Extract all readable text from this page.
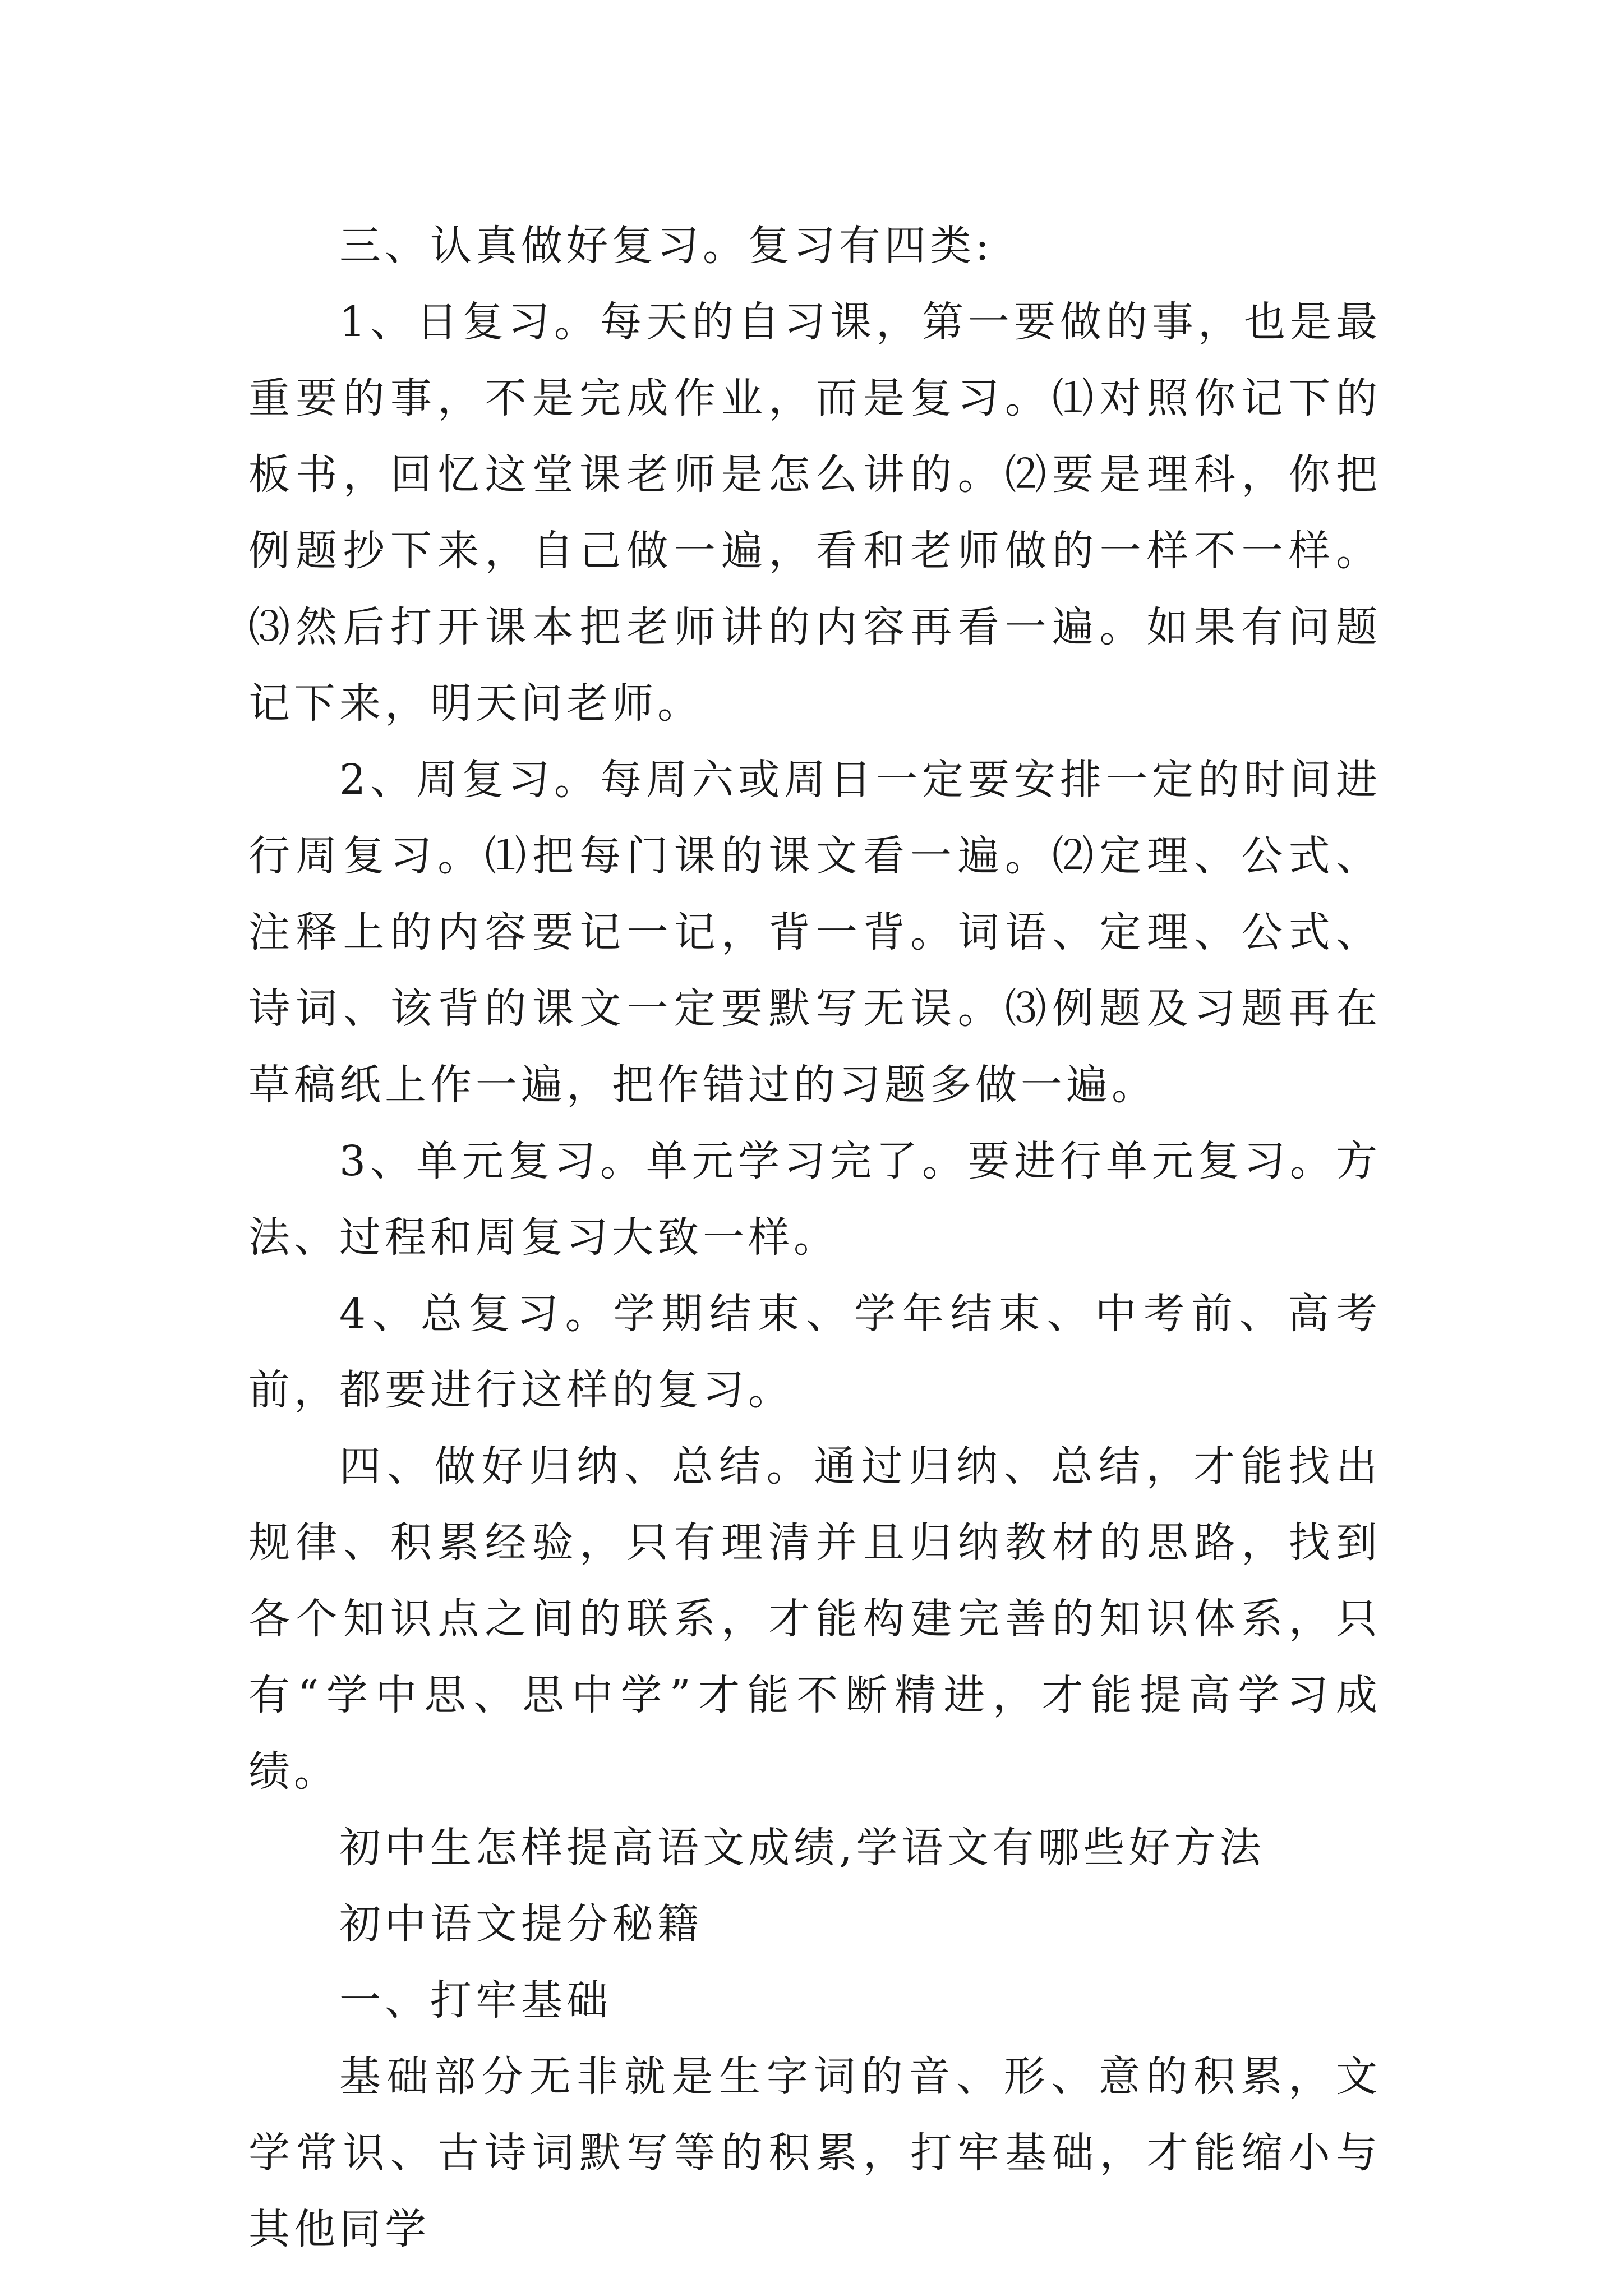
三、认真做好复习。复习有四类:

1、日复习。每天的自习课，第一要做的事，也是最重要的事，不是完成作业，而是复习。⑴对照你记下的板书，回忆这堂课老师是怎么讲的。⑵要是理科，你把例题抄下来，自己做一遍，看和老师做的一样不一样。⑶然后打开课本把老师讲的内容再看一遍。如果有问题记下来，明天问老师。

2、周复习。每周六或周日一定要安排一定的时间进行周复习。⑴把每门课的课文看一遍。⑵定理、公式、注释上的内容要记一记，背一背。词语、定理、公式、诗词、该背的课文一定要默写无误。⑶例题及习题再在草稿纸上作一遍，把作错过的习题多做一遍。

3、单元复习。单元学习完了。要进行单元复习。方法、过程和周复习大致一样。

4、总复习。学期结束、学年结束、中考前、高考前，都要进行这样的复习。

四、做好归纳、总结。通过归纳、总结，才能找出规律、积累经验，只有理清并且归纳教材的思路，找到各个知识点之间的联系，才能构建完善的知识体系，只有“学中思、思中学”才能不断精进，才能提高学习成绩。

初中生怎样提高语文成绩,学语文有哪些好方法

初中语文提分秘籍

一、打牢基础

基础部分无非就是生字词的音、形、意的积累，文学常识、古诗词默写等的积累，打牢基础，才能缩小与其他同学
